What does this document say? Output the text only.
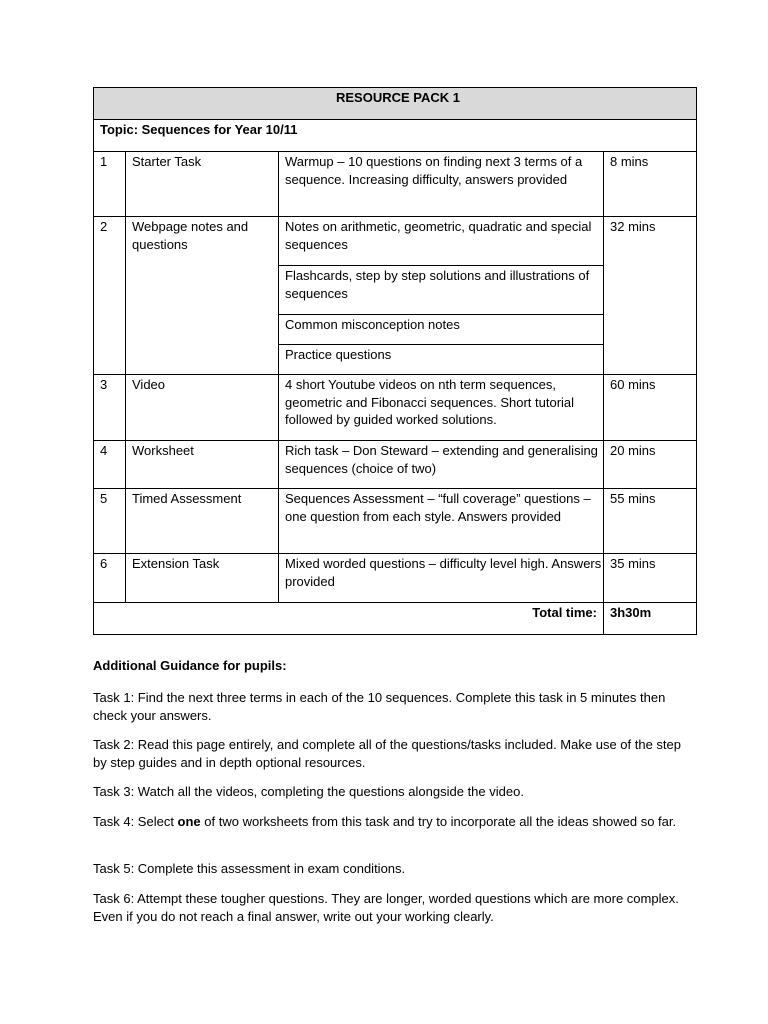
RESOURCE PACK 1			
Topic: Sequences for Year 10/11			
1	Starter Task	Warmup – 10 questions on finding next 3 terms of a sequence. Increasing difficulty, answers provided	8 mins
2	Webpage notes and questions	Notes on arithmetic, geometric, quadratic and special sequences	32 mins
		Flashcards, step by step solutions and illustrations of sequences	
		Common misconception notes	
		Practice questions	
3	Video	4 short Youtube videos on nth term sequences, geometric and Fibonacci sequences. Short tutorial followed by guided worked solutions.	60 mins
4	Worksheet	Rich task – Don Steward – extending and generalising sequences (choice of two)	20 mins
5	Timed Assessment	Sequences Assessment – “full coverage” questions – one question from each style. Answers provided	55 mins
6	Extension Task	Mixed worded questions – difficulty level high. Answers provided	35 mins
Total time:			3h30m
Additional Guidance for pupils:
Task 1: Find the next three terms in each of the 10 sequences. Complete this task in 5 minutes then check your answers.
Task 2: Read this page entirely, and complete all of the questions/tasks included. Make use of the step by step guides and in depth optional resources.
Task 3: Watch all the videos, completing the questions alongside the video.
Task 4: Select one of two worksheets from this task and try to incorporate all the ideas showed so far.
Task 5: Complete this assessment in exam conditions.
Task 6: Attempt these tougher questions. They are longer, worded questions which are more complex. Even if you do not reach a final answer, write out your working clearly.
